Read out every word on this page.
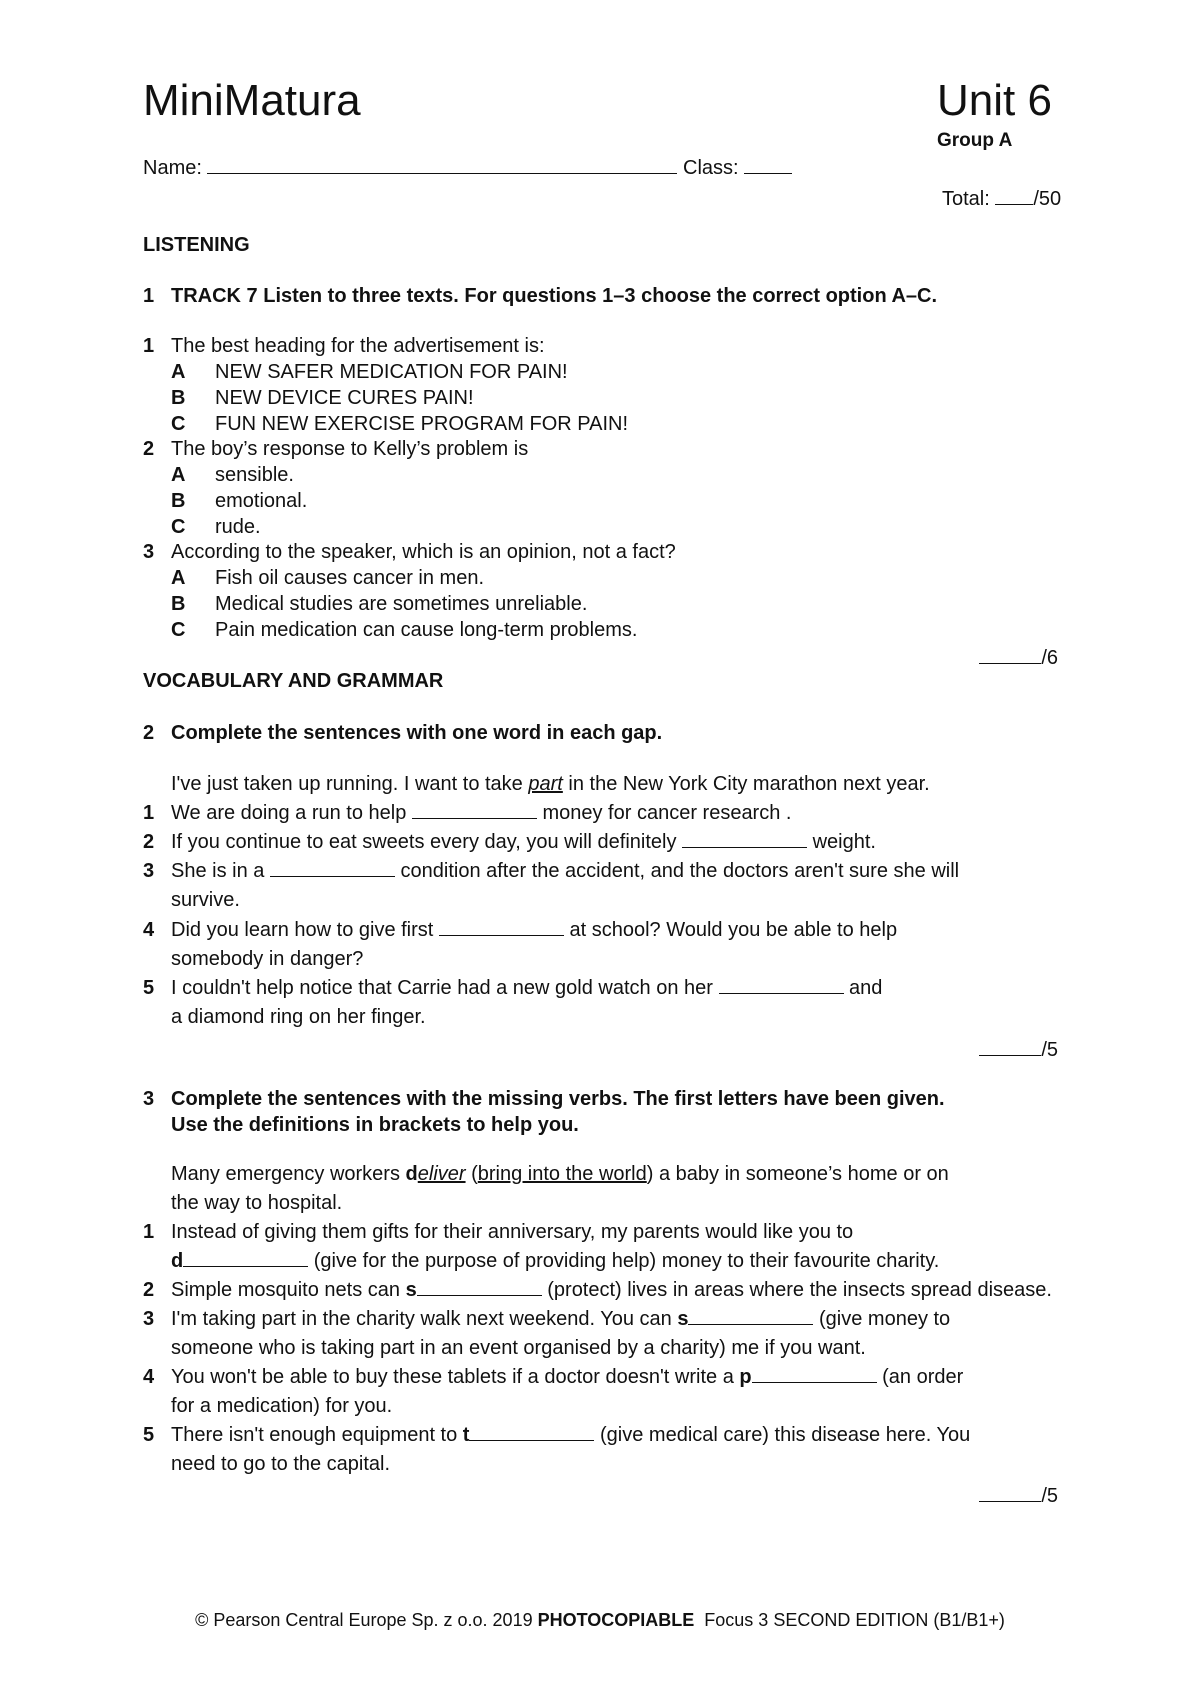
MiniMatura	Unit 6
Group A
Name:	Class:
Total: /50
LISTENING
1 TRACK 7 Listen to three texts. For questions 1–3 choose the correct option A–C.
1 The best heading for the advertisement is:
A NEW SAFER MEDICATION FOR PAIN!
B NEW DEVICE CURES PAIN!
C FUN NEW EXERCISE PROGRAM FOR PAIN!
2 The boy’s response to Kelly’s problem is
A sensible.
B emotional.
C rude.
3 According to the speaker, which is an opinion, not a fact?
A Fish oil causes cancer in men.
B Medical studies are sometimes unreliable.
C Pain medication can cause long-term problems.
/6
VOCABULARY AND GRAMMAR
2 Complete the sentences with one word in each gap.
I've just taken up running. I want to take part in the New York City marathon next year.
1 We are doing a run to help	money for cancer research .
2 If you continue to eat sweets every day, you will definitely	weight.
3 She is in a	condition after the accident, and the doctors aren't sure she will
survive.
4 Did you learn how to give first	at school? Would you be able to help
somebody in danger?
5 I couldn't help notice that Carrie had a new gold watch on her	and
a diamond ring on her finger.
/5
3 Complete the sentences with the missing verbs. The first letters have been given.
Use the definitions in brackets to help you.
Many emergency workers deliver (bring into the world) a baby in someone’s home or on
the way to hospital.
1 Instead of giving them gifts for their anniversary, my parents would like you to
d	(give for the purpose of providing help) money to their favourite charity.
2 Simple mosquito nets can s	(protect) lives in areas where the insects spread disease.
3 I'm taking part in the charity walk next weekend. You can s	(give money to
someone who is taking part in an event organised by a charity) me if you want.
4 You won't be able to buy these tablets if a doctor doesn't write a p	(an order
for a medication) for you.
5 There isn't enough equipment to t	(give medical care) this disease here. You
need to go to the capital.
/5
© Pearson Central Europe Sp. z o.o. 2019 PHOTOCOPIABLE  Focus 3 SECOND EDITION (B1/B1+)
